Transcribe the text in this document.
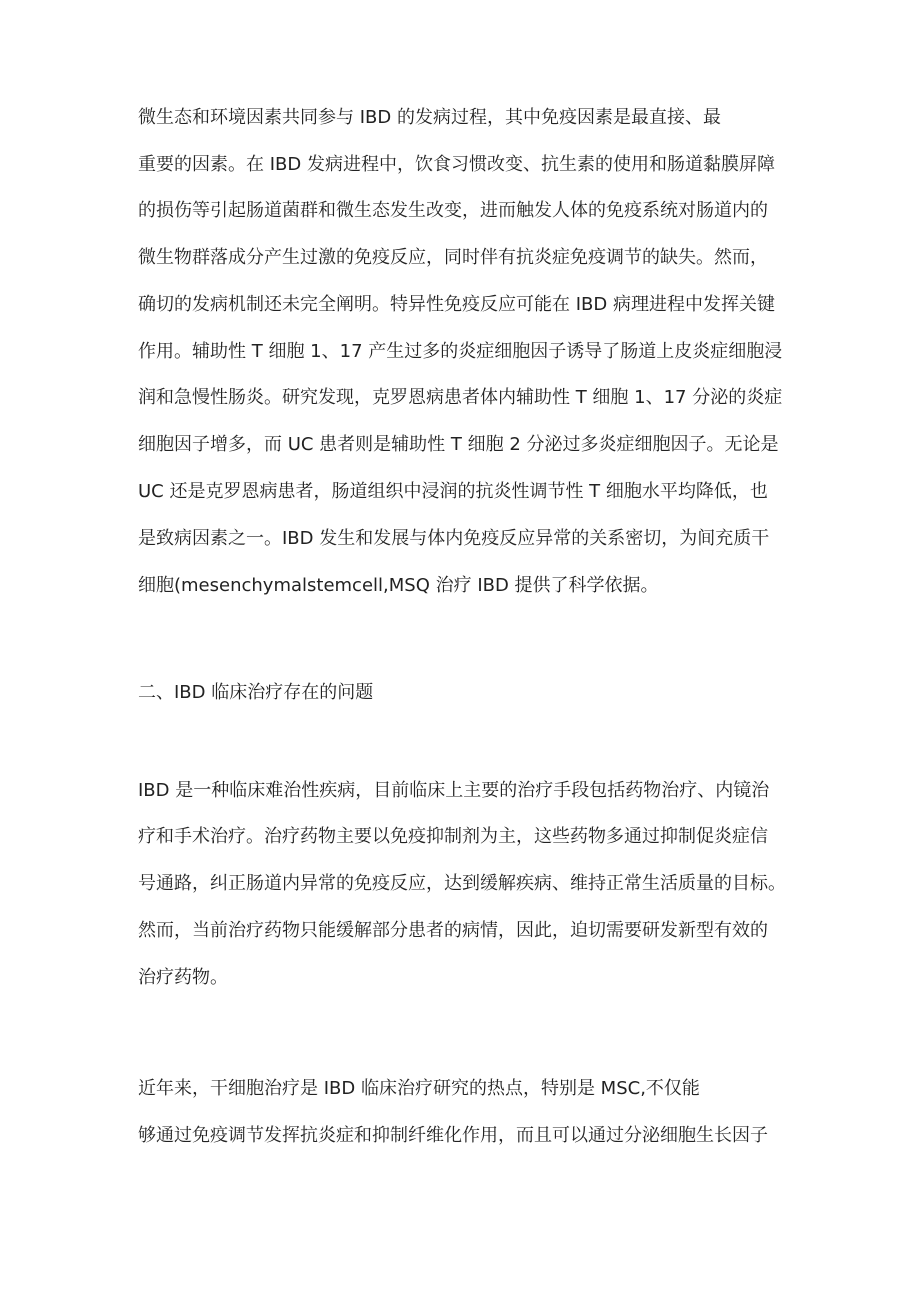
微生态和环境因素共同参与 IBD 的发病过程，其中免疫因素是最直接、最

重要的因素。在 IBD 发病进程中，饮食习惯改变、抗生素的使用和肠道黏膜屏障

的损伤等引起肠道菌群和微生态发生改变，进而触发人体的免疫系统对肠道内的

微生物群落成分产生过激的免疫反应，同时伴有抗炎症免疫调节的缺失。然而，

确切的发病机制还未完全阐明。特异性免疫反应可能在 IBD 病理进程中发挥关键

作用。辅助性 T 细胞 1、17 产生过多的炎症细胞因子诱导了肠道上皮炎症细胞浸

润和急慢性肠炎。研究发现，克罗恩病患者体内辅助性 T 细胞 1、17 分泌的炎症

细胞因子增多，而 UC 患者则是辅助性 T 细胞 2 分泌过多炎症细胞因子。无论是

UC 还是克罗恩病患者，肠道组织中浸润的抗炎性调节性 T 细胞水平均降低，也

是致病因素之一。IBD 发生和发展与体内免疫反应异常的关系密切，为间充质干

细胞(mesenchymalstemcell,MSQ 治疗 IBD 提供了科学依据。

二、IBD 临床治疗存在的问题

IBD 是一种临床难治性疾病，目前临床上主要的治疗手段包括药物治疗、内镜治

疗和手术治疗。治疗药物主要以免疫抑制剂为主，这些药物多通过抑制促炎症信

号通路，纠正肠道内异常的免疫反应，达到缓解疾病、维持正常生活质量的目标。

然而，当前治疗药物只能缓解部分患者的病情，因此，迫切需要研发新型有效的

治疗药物。

近年来，干细胞治疗是 IBD 临床治疗研究的热点，特别是 MSC,不仅能

够通过免疫调节发挥抗炎症和抑制纤维化作用，而且可以通过分泌细胞生长因子
